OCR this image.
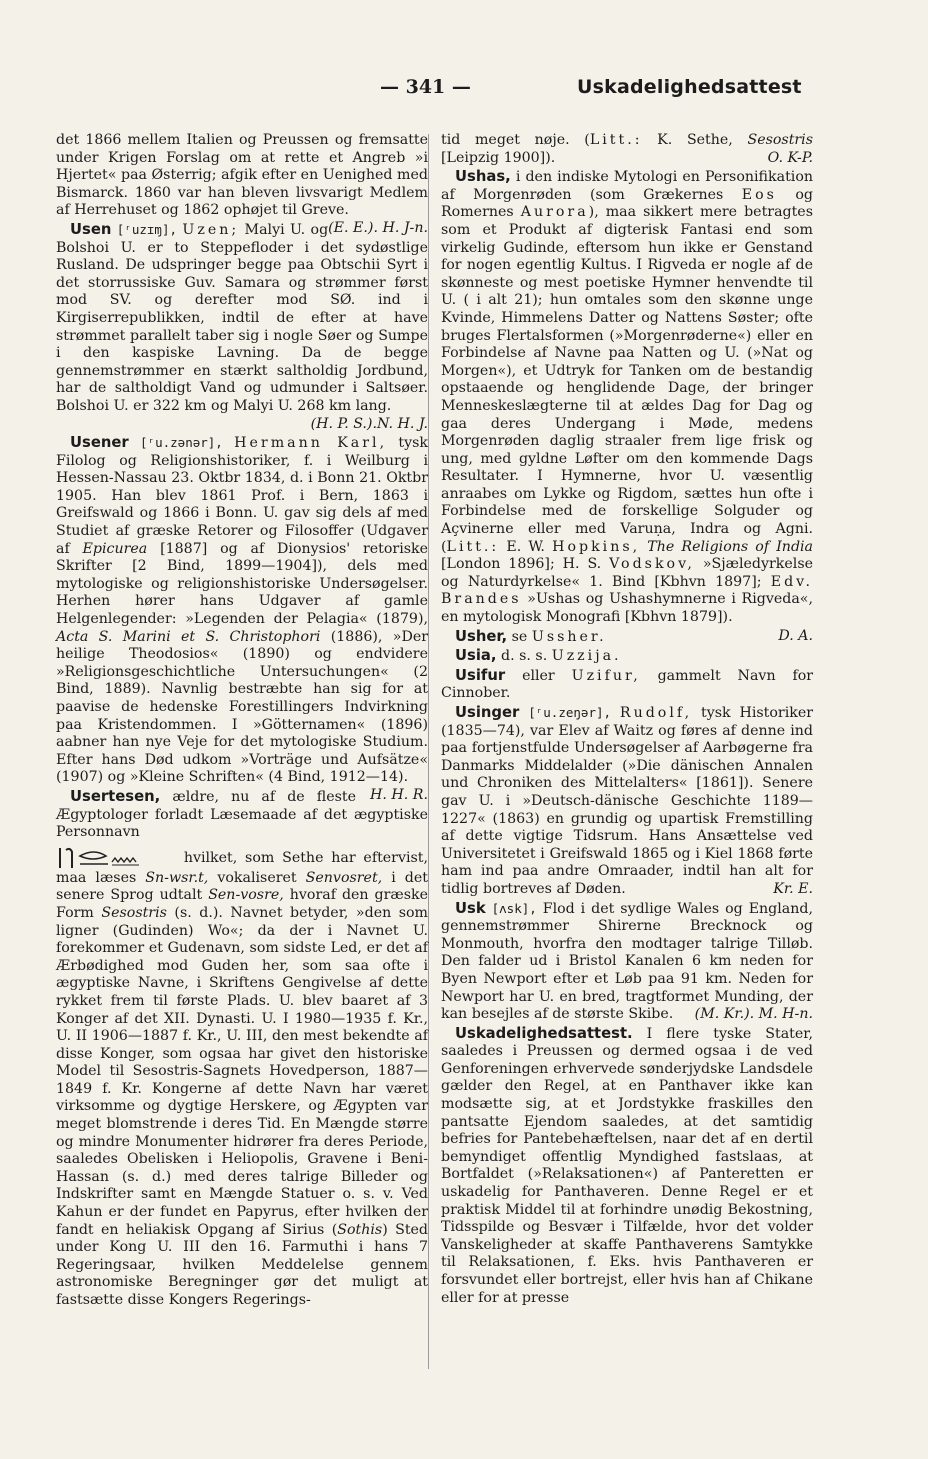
— 341 —	Uskadelighedsattest

det 1866 mellem Italien og Preussen og fremsatte under Krigen Forslag om at rette et Angreb »i Hjertet« paa Østerrig; afgik efter en Uenighed med Bismarck. 1860 var han bleven livsvarigt Medlem af Herrehuset og 1862 ophøjet til Greve.
(E. E.). H. J-n.

Usen [ʳuzɪɱ], Uzen; Malyi U. og Bolshoi U. er to Steppefloder i det sydøstlige Rusland. De udspringer begge paa Obtschii Syrt i det storrussiske Guv. Samara og strømmer først mod SV. og derefter mod SØ. ind i Kirgiserrepublikken, indtil de efter at have strømmet parallelt taber sig i nogle Søer og Sumpe i den kaspiske Lavning. Da de begge gennemstrømmer en stærkt saltholdig Jordbund, har de saltholdigt Vand og udmunder i Saltsøer. Bolshoi U. er 322 km og Malyi U. 268 km lang.
(H. P. S.).N. H. J.

Usener [ʳu.zənər], Hermann Karl, tysk Filolog og Religionshistoriker, f. i Weilburg i Hessen-Nassau 23. Oktbr 1834, d. i Bonn 21. Oktbr 1905. Han blev 1861 Prof. i Bern, 1863 i Greifswald og 1866 i Bonn. U. gav sig dels af med Studiet af græske Retorer og Filosoffer (Udgaver af Epicurea [1887] og af Dionysios' retoriske Skrifter [2 Bind, 1899—1904]), dels med mytologiske og religionshistoriske Undersøgelser. Herhen hører hans Udgaver af gamle Helgenlegender: »Legenden der Pelagia« (1879), Acta S. Marini et S. Christophori (1886), »Der heilige Theodosios« (1890) og endvidere »Religionsgeschichtliche Untersuchungen« (2 Bind, 1889). Navnlig bestræbte han sig for at paavise de hedenske Forestillingers Indvirkning paa Kristendommen. I »Götternamen« (1896) aabner han nye Veje for det mytologiske Studium. Efter hans Død udkom »Vorträge und Aufsätze« (1907) og »Kleine Schriften« (4 Bind, 1912—14).
H. H. R.

Usertesen, ældre, nu af de fleste Ægyptologer forladt Læsemaade af det ægyptiske Personnavn

hvilket, som Sethe har eftervist, maa læses Sn-wsr.t, vokaliseret Senvosret, i det senere Sprog udtalt Sen-vosre, hvoraf den græske Form Sesostris (s. d.). Navnet betyder, »den som ligner (Gudinden) Wo«; da der i Navnet U. forekommer et Gudenavn, som sidste Led, er det af Ærbødighed mod Guden her, som saa ofte i ægyptiske Navne, i Skriftens Gengivelse af dette rykket frem til første Plads. U. blev baaret af 3 Konger af det XII. Dynasti. U. I 1980—1935 f. Kr., U. II 1906—1887 f. Kr., U. III, den mest bekendte af disse Konger, som ogsaa har givet den historiske Model til Sesostris-Sagnets Hovedperson, 1887—1849 f. Kr. Kongerne af dette Navn har været virksomme og dygtige Herskere, og Ægypten var meget blomstrende i deres Tid. En Mængde større og mindre Monumenter hidrører fra deres Periode, saaledes Obelisken i Heliopolis, Gravene i Beni-Hassan (s. d.) med deres talrige Billeder og Indskrifter samt en Mængde Statuer o. s. v. Ved Kahun er der fundet en Papyrus, efter hvilken der fandt en heliakisk Opgang af Sirius (Sothis) Sted under Kong U. III den 16. Farmuthi i hans 7 Regeringsaar, hvilken Meddelelse gennem astronomiske Beregninger gør det muligt at fastsætte disse Kongers Regerings-

tid meget nøje. (Litt.: K. Sethe, Sesostris [Leipzig 1900]).	O. K-P.

Ushas, i den indiske Mytologi en Personifikation af Morgenrøden (som Grækernes Eos og Romernes Aurora), maa sikkert mere betragtes som et Produkt af digterisk Fantasi end som virkelig Gudinde, eftersom hun ikke er Genstand for nogen egentlig Kultus. I Rigveda er nogle af de skønneste og mest poetiske Hymner henvendte til U. ( i alt 21); hun omtales som den skønne unge Kvinde, Himmelens Datter og Nattens Søster; ofte bruges Flertalsformen (»Morgenrøderne«) eller en Forbindelse af Navne paa Natten og U. (»Nat og Morgen«), et Udtryk for Tanken om de bestandig opstaaende og henglidende Dage, der bringer Menneskeslægterne til at ældes Dag for Dag og gaa deres Undergang i Møde, medens Morgenrøden daglig straaler frem lige frisk og ung, med gyldne Løfter om den kommende Dags Resultater. I Hymnerne, hvor U. væsentlig anraabes om Lykke og Rigdom, sættes hun ofte i Forbindelse med de forskellige Solguder og Açvinerne eller med Varuṇa, Indra og Agni. (Litt.: E. W. Hopkins, The Religions of India [London 1896]; H. S. Vodskov, »Sjæledyrkelse og Naturdyrkelse« 1. Bind [Kbhvn 1897]; Edv. Brandes »Ushas og Ushashymnerne i Rigveda«, en mytologisk Monografi [Kbhvn 1879]).

Usher, se Ussher.	D. A.

Usia, d. s. s. Uzzija.

Usifur eller Uzifur, gammelt Navn for Cinnober.

Usinger [ʳu.zeŋər], Rudolf, tysk Historiker (1835—74), var Elev af Waitz og føres af denne ind paa fortjenstfulde Undersøgelser af Aarbøgerne fra Danmarks Middelalder (»Die dänischen Annalen und Chroniken des Mittelalters« [1861]). Senere gav U. i »Deutsch-dänische Geschichte 1189—1227« (1863) en grundig og upartisk Fremstilling af dette vigtige Tidsrum. Hans Ansættelse ved Universitetet i Greifswald 1865 og i Kiel 1868 førte ham ind paa andre Omraader, indtil han alt for tidlig bortreves af Døden.	Kr. E.

Usk [ʌsk], Flod i det sydlige Wales og England, gennemstrømmer Shirerne Brecknock og Monmouth, hvorfra den modtager talrige Tilløb. Den falder ud i Bristol Kanalen 6 km neden for Byen Newport efter et Løb paa 91 km. Neden for Newport har U. en bred, tragtformet Munding, der kan besejles af de største Skibe.	(M. Kr.). M. H-n.

Uskadelighedsattest. I flere tyske Stater, saaledes i Preussen og dermed ogsaa i de ved Genforeningen erhvervede sønderjydske Landsdele gælder den Regel, at en Panthaver ikke kan modsætte sig, at et Jordstykke fraskilles den pantsatte Ejendom saaledes, at det samtidig befries for Pantebehæftelsen, naar det af en dertil bemyndiget offentlig Myndighed fastslaas, at Bortfaldet (»Relaksationen«) af Panteretten er uskadelig for Panthaveren. Denne Regel er et praktisk Middel til at forhindre unødig Bekostning, Tidsspilde og Besvær i Tilfælde, hvor det volder Vanskeligheder at skaffe Panthaverens Samtykke til Relaksationen, f. Eks. hvis Panthaveren er forsvundet eller bortrejst, eller hvis han af Chikane eller for at presse
